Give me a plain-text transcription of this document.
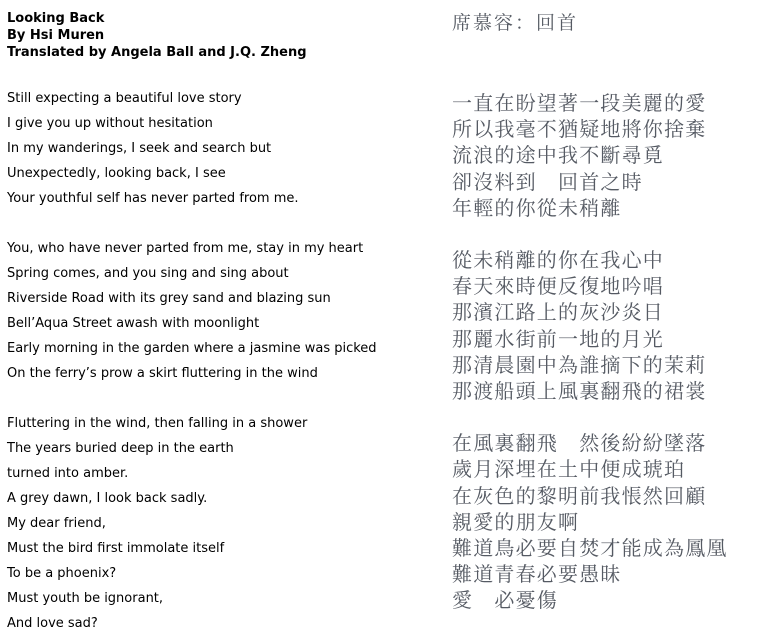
Looking Back
By Hsi Muren
Translated by Angela Ball and J.Q. Zheng
Still expecting a beautiful love story
I give you up without hesitation
In my wanderings, I seek and search but
Unexpectedly, looking back, I see
Your youthful self has never parted from me.
You, who have never parted from me, stay in my heart
Spring comes, and you sing and sing about
Riverside Road with its grey sand and blazing sun
Bell’Aqua Street awash with moonlight
Early morning in the garden where a jasmine was picked
On the ferry’s prow a skirt fluttering in the wind
Fluttering in the wind, then falling in a shower
The years buried deep in the earth
turned into amber.
A grey dawn, I look back sadly.
My dear friend,
Must the bird first immolate itself
To be a phoenix?
Must youth be ignorant,
And love sad?
席慕容：回首
一直在盼望著一段美麗的愛
所以我毫不猶疑地將你捨棄
流浪的途中我不斷尋覓
卻沒料到　回首之時
年輕的你從未稍離
從未稍離的你在我心中
春天來時便反復地吟唱
那濱江路上的灰沙炎日
那麗水街前一地的月光
那清晨園中為誰摘下的茉莉
那渡船頭上風裏翻飛的裙裳
在風裏翻飛　然後紛紛墜落
歲月深埋在土中便成琥珀
在灰色的黎明前我悵然回顧
親愛的朋友啊
難道鳥必要自焚才能成為鳳凰
難道青春必要愚昧
愛　必憂傷
